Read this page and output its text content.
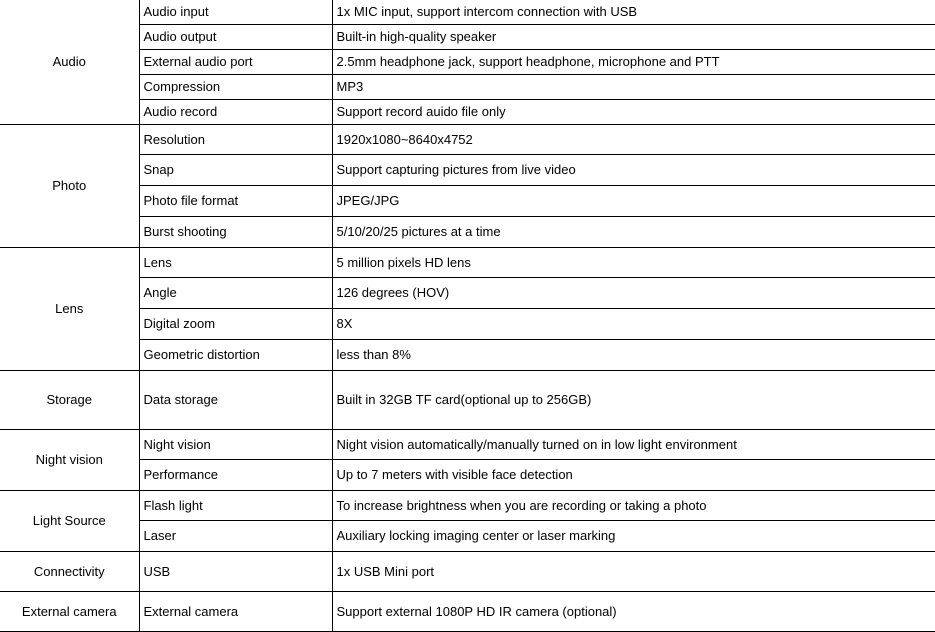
Audio	Audio input	1x MIC input, support intercom connection with USB
	Audio output	Built-in high-quality speaker
	External audio port	2.5mm headphone jack, support headphone, microphone and PTT
	Compression	MP3
	Audio record	Support record auido file only
Photo	Resolution	1920x1080~8640x4752
	Snap	Support capturing pictures from live video
	Photo file format	JPEG/JPG
	Burst shooting	5/10/20/25 pictures at a time
Lens	Lens	5 million pixels HD lens
	Angle	126 degrees (HOV)
	Digital zoom	8X
	Geometric distortion	less than 8%
Storage	Data storage	Built in 32GB TF card(optional up to 256GB)
Night vision	Night vision	Night vision automatically/manually turned on in low light environment
	Performance	Up to 7 meters with visible face detection
Light Source	Flash light	To increase brightness when you are recording or taking a photo
	Laser	Auxiliary locking imaging center or laser marking
Connectivity	USB	1x USB Mini port
External camera	External camera	Support external 1080P HD IR camera (optional)
